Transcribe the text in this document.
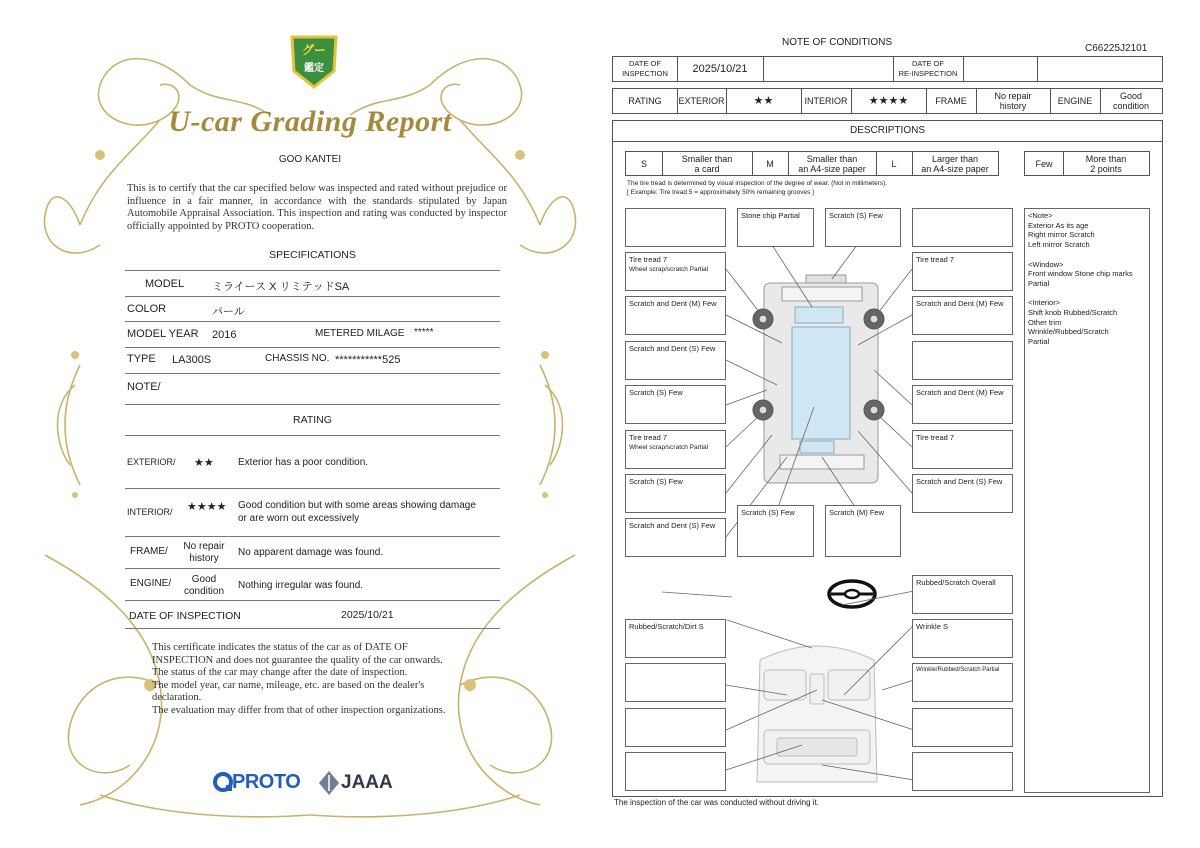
グー
鑑定
U-car Grading Report
GOO KANTEI
This is to certify that the car specified below was inspected and rated without prejudice or influence in a fair manner, in accordance with the standards stipulated by Japan Automobile Appraisal Association. This inspection and rating was conducted by inspector officially appointed by PROTO cooperation.
SPECIFICATIONS
MODEL	ミライース X リミテッドSA
COLOR	パール
MODEL YEAR 2016	METERED MILAGE *****
TYPE LA300S	CHASSIS NO. ***********525
NOTE/
RATING
EXTERIOR/ ★★ Exterior has a poor condition.
INTERIOR/ ★★★★ Good condition but with some areas showing damage
or are worn out excessively
FRAME/	No repair
history
No apparent damage was found.
ENGINE/	Good
condition
Nothing irregular was found.
DATE OF INSPECTION	2025/10/21
This certificate indicates the status of the car as of DATE OF
INSPECTION and does not guarantee the quality of the car onwards.
The status of the car may change after the date of inspection.
The model year, car name, mileage, etc. are based on the dealer's
declaration.
The evaluation may differ from that of other inspection organizations.
PROTO JAAA
NOTE OF CONDITIONS
C66225J2101
DATE OF
INSPECTION	2025/10/21	DATE OF
RE-INSPECTION
RATING	EXTERIOR	★★	INTERIOR	★★★★	FRAME	No repair
history	ENGINE	Good
condition
DESCRIPTIONS
S	Smaller than
a card	M	Smaller than
an A4-size paper	L	Larger than
an A4-size paper	Few	More than
2 points
The tire tread is determined by visual inspection of the degree of wear. (Not in millimeters).
[ Example: Tire tread 5 = approximately 50% remaining grooves ]
Stone chip Partial	Scratch (S) Few
Tire tread 7
Wheel scrap/scratch Partial
Tire tread 7
Scratch and Dent (M) Few	Scratch and Dent (M) Few
Scratch and Dent (S) Few
Scratch (S) Few	Scratch and Dent (M) Few
Tire tread 7
Wheel scrap/scratch Partial
Tire tread 7
Scratch (S) Few	Scratch and Dent (S) Few
Scratch and Dent (S) Few
Scratch (S) Few	Scratch (M) Few
<Note>
Exterior As its age
Right mirror Scratch
Left mirror Scratch
<Window>
Front window Stone chip marks
Partial
<Interior>
Shift knob Rubbed/Scratch
Other trim
Wrinkle/Rubbed/Scratch
Partial
Rubbed/Scratch Overall
Rubbed/Scratch/Dirt S	Wrinkle S
Wrinkle/Rubbed/Scratch Partial
The inspection of the car was conducted without driving it.
